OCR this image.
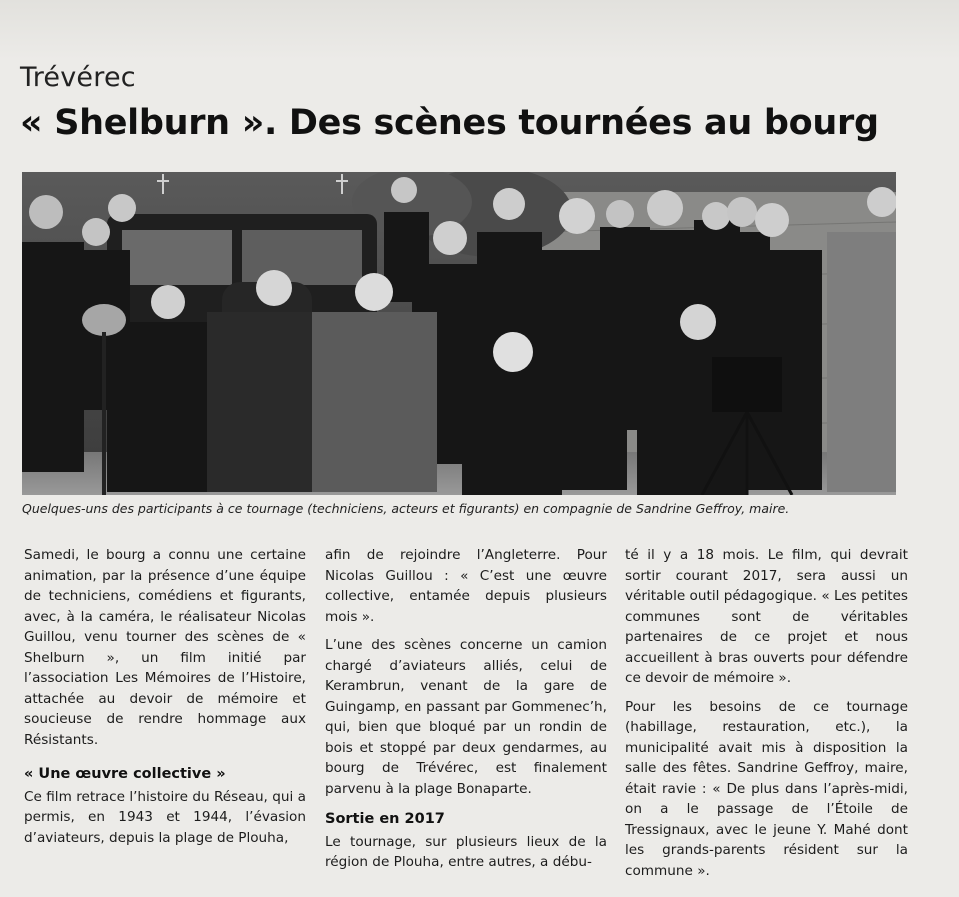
Trévérec
« Shelburn ». Des scènes tournées au bourg
Quelques-uns des participants à ce tournage (techniciens, acteurs et figurants) en compagnie de Sandrine Geffroy, maire.

Samedi, le bourg a connu une certaine animation, par la présence d’une équipe de techniciens, comédiens et figurants, avec, à la caméra, le réalisateur Nicolas Guillou, venu tourner des scènes de « Shelburn », un film initié par l’association Les Mémoires de l’Histoire, attachée au devoir de mémoire et soucieuse de rendre hommage aux Résistants.

« Une œuvre collective »

Ce film retrace l’histoire du Réseau, qui a permis, en 1943 et 1944, l’évasion d’aviateurs, depuis la plage de Plouha,

afin de rejoindre l’Angleterre. Pour Nicolas Guillou : « C’est une œuvre collective, entamée depuis plusieurs mois ».

L’une des scènes concerne un camion chargé d’aviateurs alliés, celui de Kerambrun, venant de la gare de Guingamp, en passant par Gommenec’h, qui, bien que bloqué par un rondin de bois et stoppé par deux gendarmes, au bourg de Trévérec, est finalement parvenu à la plage Bonaparte.

Sortie en 2017

Le tournage, sur plusieurs lieux de la région de Plouha, entre autres, a débu-

té il y a 18 mois. Le film, qui devrait sortir courant 2017, sera aussi un véritable outil pédagogique. « Les petites communes sont de véritables partenaires de ce projet et nous accueillent à bras ouverts pour défendre ce devoir de mémoire ».

Pour les besoins de ce tournage (habillage, restauration, etc.), la municipalité avait mis à disposition la salle des fêtes. Sandrine Geffroy, maire, était ravie : « De plus dans l’après-midi, on a le passage de l’Étoile de Tressignaux, avec le jeune Y. Mahé dont les grands-parents résident sur la commune ».
